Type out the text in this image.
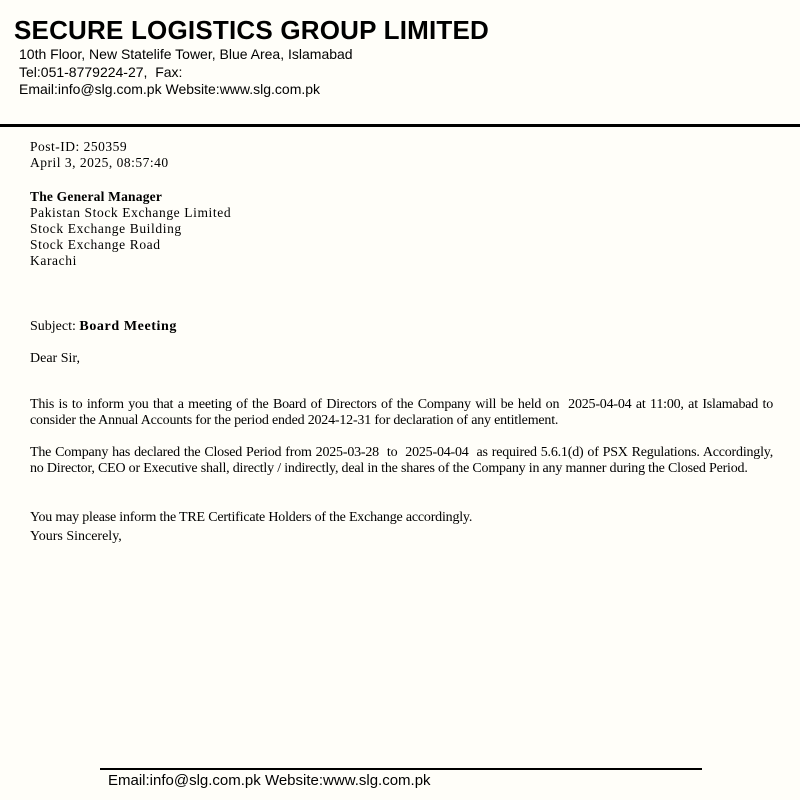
SECURE LOGISTICS GROUP LIMITED
10th Floor, New Statelife Tower, Blue Area, Islamabad
Tel:051-8779224-27,  Fax:
Email:info@slg.com.pk Website:www.slg.com.pk
Post-ID: 250359
April 3, 2025, 08:57:40
The General Manager
Pakistan Stock Exchange Limited
Stock Exchange Building
Stock Exchange Road
Karachi
Subject: Board Meeting
Dear Sir,

This is to inform you that a meeting of the Board of Directors of the Company will be held on  2025-04-04 at 11:00, at Islamabad to consider the Annual Accounts for the period ended 2024-12-31 for declaration of any entitlement.

The Company has declared the Closed Period from 2025-03-28  to  2025-04-04  as required 5.6.1(d) of PSX Regulations. Accordingly, no Director, CEO or Executive shall, directly / indirectly, deal in the shares of the Company in any manner during the Closed Period.

You may please inform the TRE Certificate Holders of the Exchange accordingly.

Yours Sincerely,
Email:info@slg.com.pk Website:www.slg.com.pk
